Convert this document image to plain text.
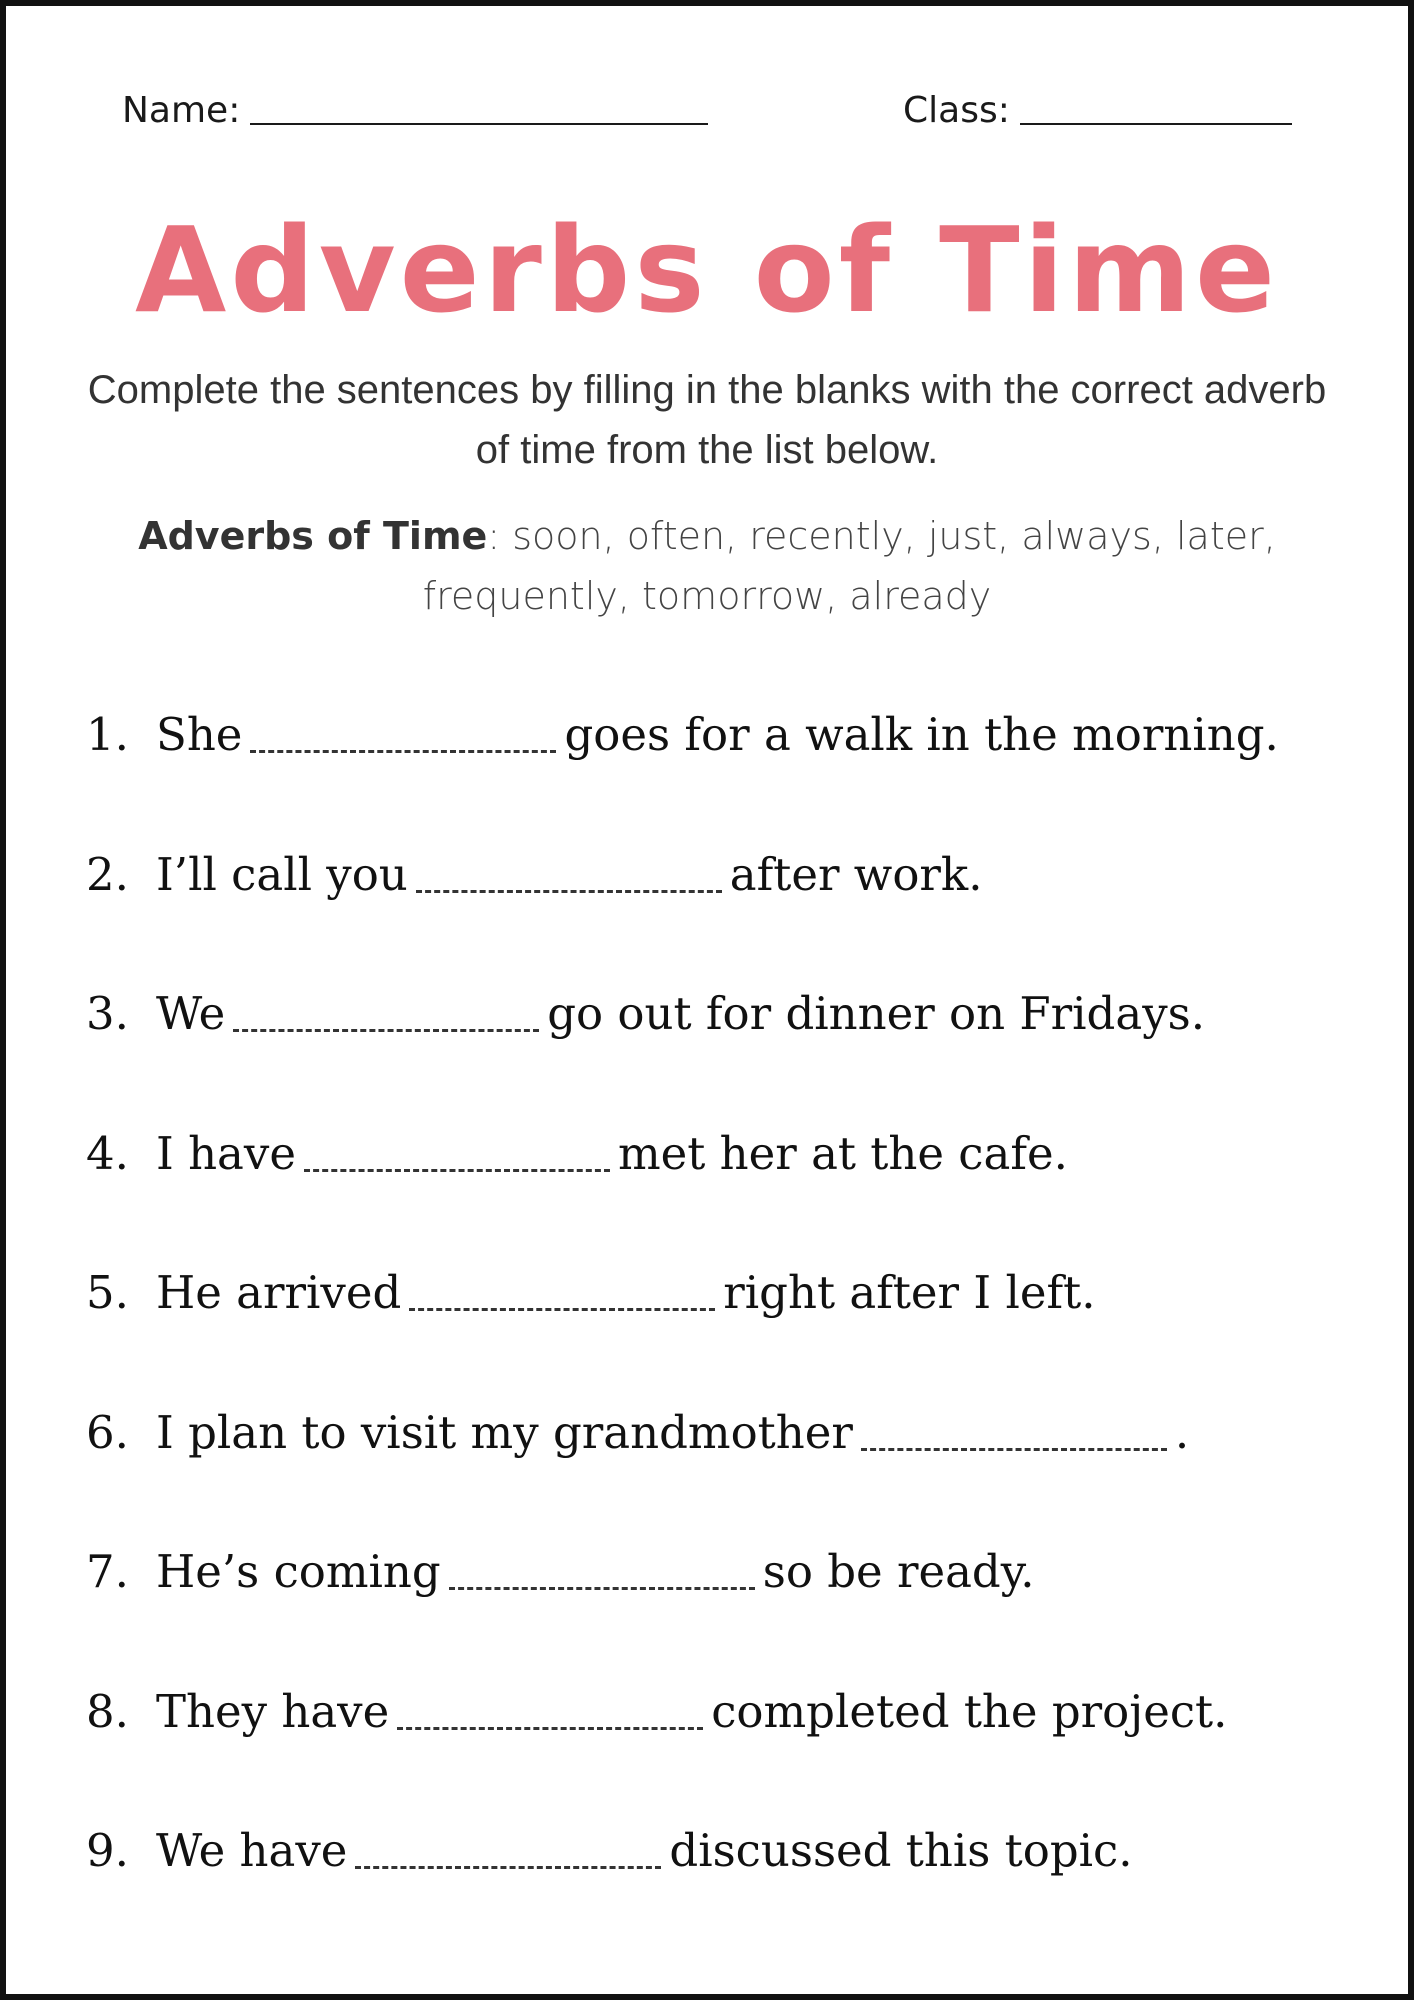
Name:	Class:
Adverbs of Time
Complete the sentences by filling in the blanks with the correct adverb of time from the list below.
Adverbs of Time: soon, often, recently, just, always, later, frequently, tomorrow, already
1. She	goes for a walk in the morning.
2. I’ll call you	after work.
3. We	go out for dinner on Fridays.
4. I have	met her at the cafe.
5. He arrived	right after I left.
6. I plan to visit my grandmother	.
7. He’s coming	so be ready.
8. They have	completed the project.
9. We have	discussed this topic.
